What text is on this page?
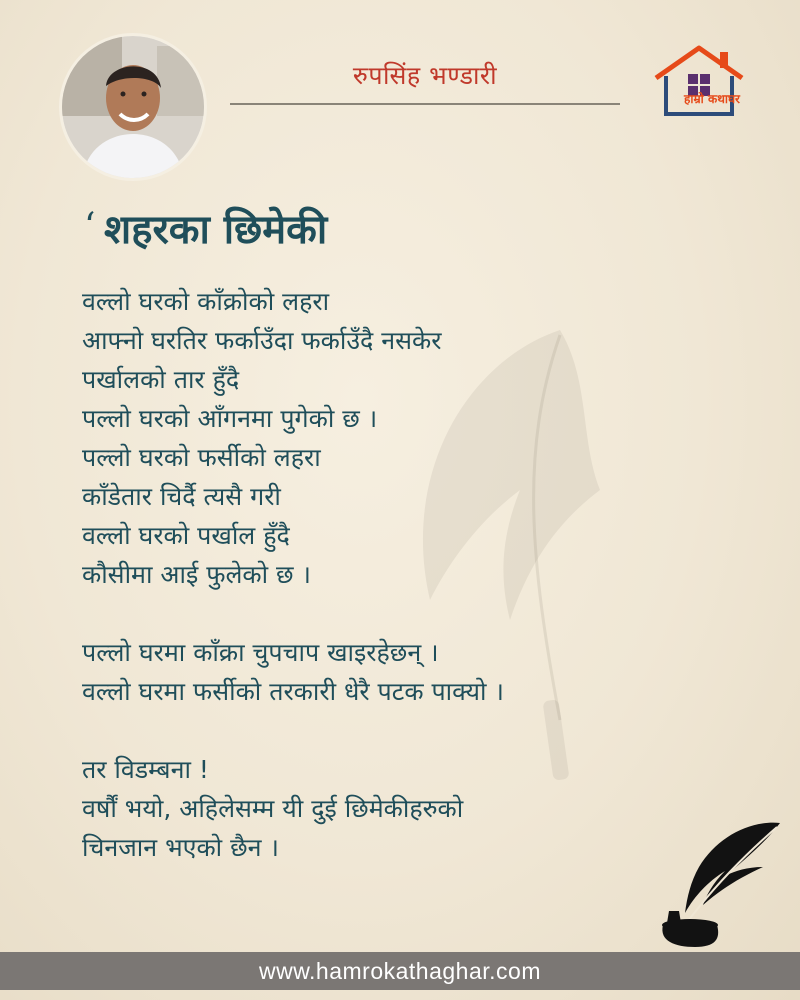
रुपसिंह भण्डारी
हाम्रो कथाघर
‘ शहरका छिमेकी
वल्लो घरको काँक्रोको लहरा
आफ्नो घरतिर फर्काउँदा फर्काउँदै नसकेर
पर्खालको तार हुँदै
पल्लो घरको आँगनमा पुगेको छ ।
पल्लो घरको फर्सीको लहरा
काँडेतार चिर्दै त्यसै गरी
वल्लो घरको पर्खाल हुँदै
कौसीमा आई फुलेको छ ।
पल्लो घरमा काँक्रा चुपचाप खाइरहेछन् ।
वल्लो घरमा फर्सीको तरकारी धेरै पटक पाक्यो ।
तर विडम्बना !
वर्षौं भयो, अहिलेसम्म यी दुई छिमेकीहरुको
चिनजान भएको छैन ।
www.hamrokathaghar.com
